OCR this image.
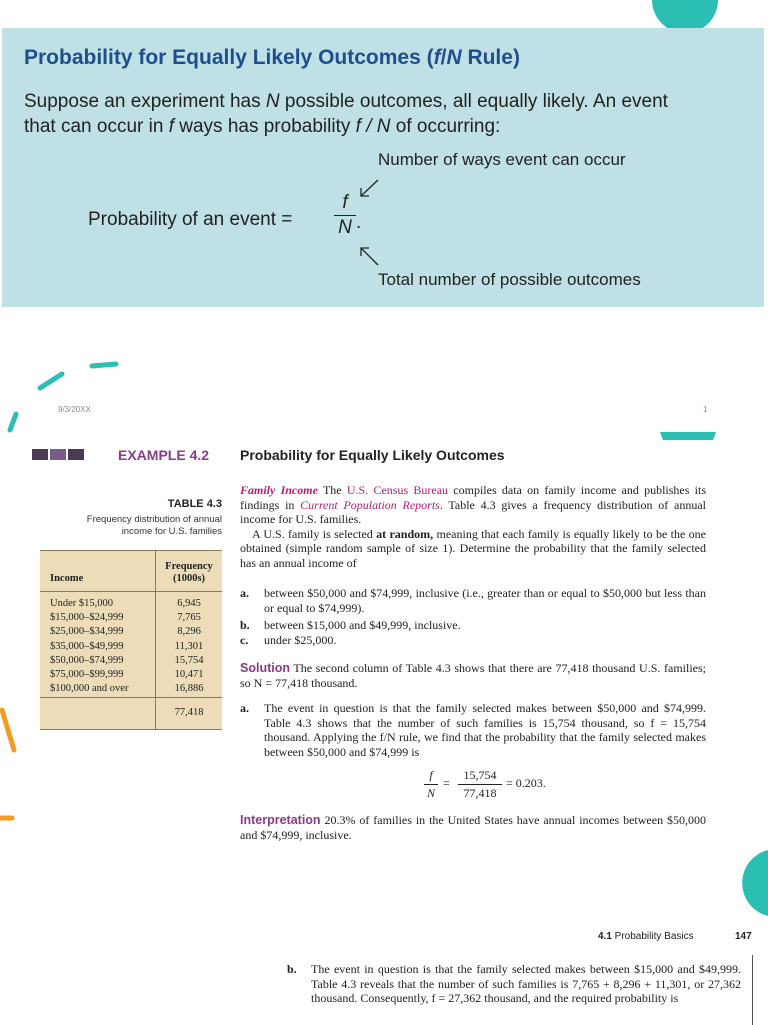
Probability for Equally Likely Outcomes (f/N Rule)
Suppose an experiment has N possible outcomes, all equally likely. An event
that can occur in f ways has probability f / N of occurring:
Number of ways event can occur
Probability of an event =
f
N .
Total number of possible outcomes
9/3/20XX	1
EXAMPLE 4.2 Probability for Equally Likely Outcomes
TABLE 4.3
Frequency distribution of annual
income for U.S. families
Income
Frequency
(1000s)
Under $15,000	6,945
$15,000–$24,999	7,765
$25,000–$34,999	8,296
$35,000–$49,999	11,301
$50,000–$74,999	15,754
$75,000–$99,999	10,471
$100,000 and over	16,886
77,418
Family Income The U.S. Census Bureau compiles data on family income and publishes its findings in Current Population Reports. Table 4.3 gives a frequency distribution of annual income for U.S. families.
A U.S. family is selected at random, meaning that each family is equally likely to be the one obtained (simple random sample of size 1). Determine the probability that the family selected has an annual income of
a. between $50,000 and $74,999, inclusive (i.e., greater than or equal to $50,000 but less than or equal to $74,999).
b. between $15,000 and $49,999, inclusive.
c. under $25,000.
Solution The second column of Table 4.3 shows that there are 77,418 thousand U.S. families; so N = 77,418 thousand.
a. The event in question is that the family selected makes between $50,000 and $74,999. Table 4.3 shows that the number of such families is 15,754 thousand, so f = 15,754 thousand. Applying the f/N rule, we find that the probability that the family selected makes between $50,000 and $74,999 is
f
N
=
15,754
77,418
= 0.203.
Interpretation 20.3% of families in the United States have annual incomes between $50,000 and $74,999, inclusive.
4.1 Probability Basics	147
b. The event in question is that the family selected makes between $15,000 and $49,999. Table 4.3 reveals that the number of such families is 7,765 + 8,296 + 11,301, or 27,362 thousand. Consequently, f = 27,362 thousand, and the required probability is
